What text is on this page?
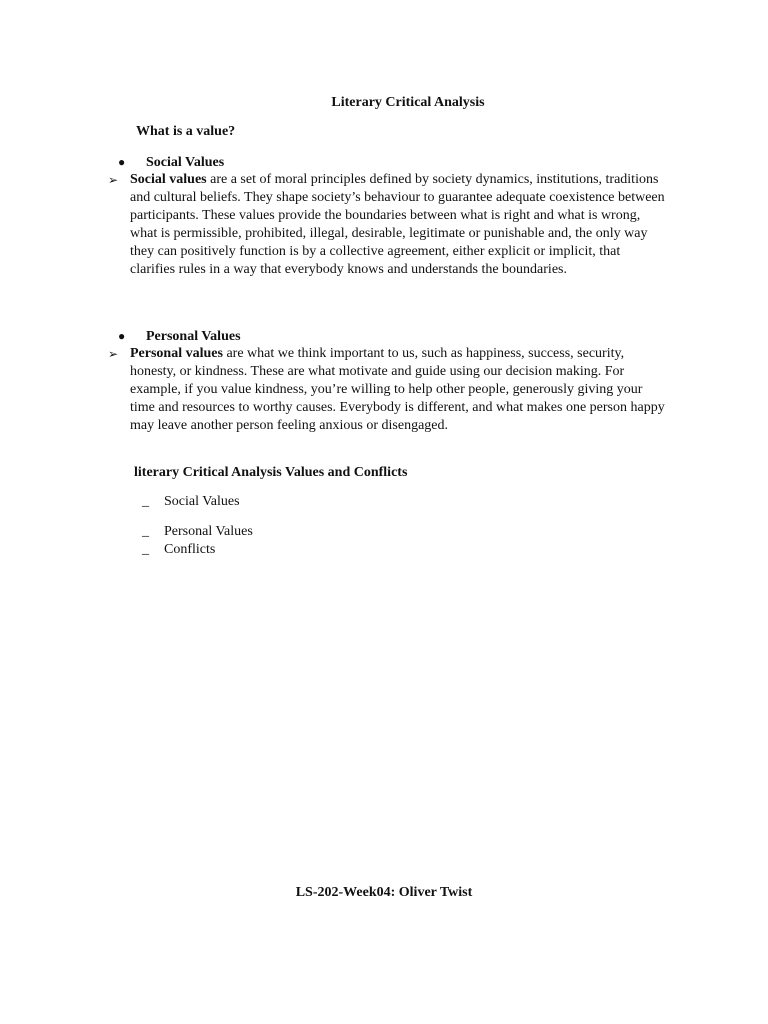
Literary Critical Analysis
What is a value?
●	Social Values
➢ Social values are a set of moral principles defined by society dynamics, institutions, traditions and cultural beliefs. They shape society’s behaviour to guarantee adequate coexistence between participants. These values provide the boundaries between what is right and what is wrong, what is permissible, prohibited, illegal, desirable, legitimate or punishable and, the only way they can positively function is by a collective agreement, either explicit or implicit, that clarifies rules in a way that everybody knows and understands the boundaries.
●	Personal Values
➢ Personal values are what we think important to us, such as happiness, success, security, honesty, or kindness. These are what motivate and guide using our decision making. For example, if you value kindness, you’re willing to help other people, generously giving your time and resources to worthy causes. Everybody is different, and what makes one person happy may leave another person feeling anxious or disengaged.
literary Critical Analysis Values and Conflicts
_ Social Values
_ Personal Values
_ Conflicts
LS-202-Week04: Oliver Twist
